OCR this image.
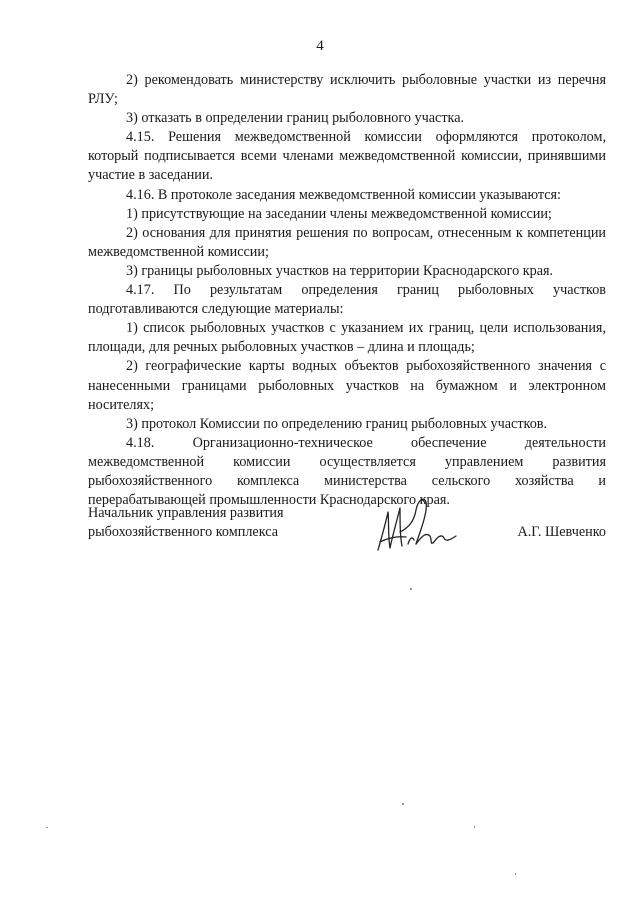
4

2) рекомендовать министерству исключить рыболовные участки из перечня РЛУ;

3) отказать в определении границ рыболовного участка.

4.15. Решения межведомственной комиссии оформляются протоколом, который подписывается всеми членами межведомственной комиссии, принявшими участие в заседании.

4.16. В протоколе заседания межведомственной комиссии указываются:

1) присутствующие на заседании члены межведомственной комиссии;

2) основания для принятия решения по вопросам, отнесенным к компетенции межведомственной комиссии;

3) границы рыболовных участков на территории Краснодарского края.

4.17. По результатам определения границ рыболовных участков подготавливаются следующие материалы:

1) список рыболовных участков с указанием их границ, цели использования, площади, для речных рыболовных участков – длина и площадь;

2) географические карты водных объектов рыбохозяйственного значения с нанесенными границами рыболовных участков на бумажном и электронном носителях;

3) протокол Комиссии по определению границ рыболовных участков.

4.18. Организационно-техническое обеспечение деятельности межведомственной комиссии осуществляется управлением развития рыбохозяйственного комплекса министерства сельского хозяйства и перерабатывающей промышленности Краснодарского края.

Начальник управления развития
рыбохозяйственного комплекса	А.Г. Шевченко
